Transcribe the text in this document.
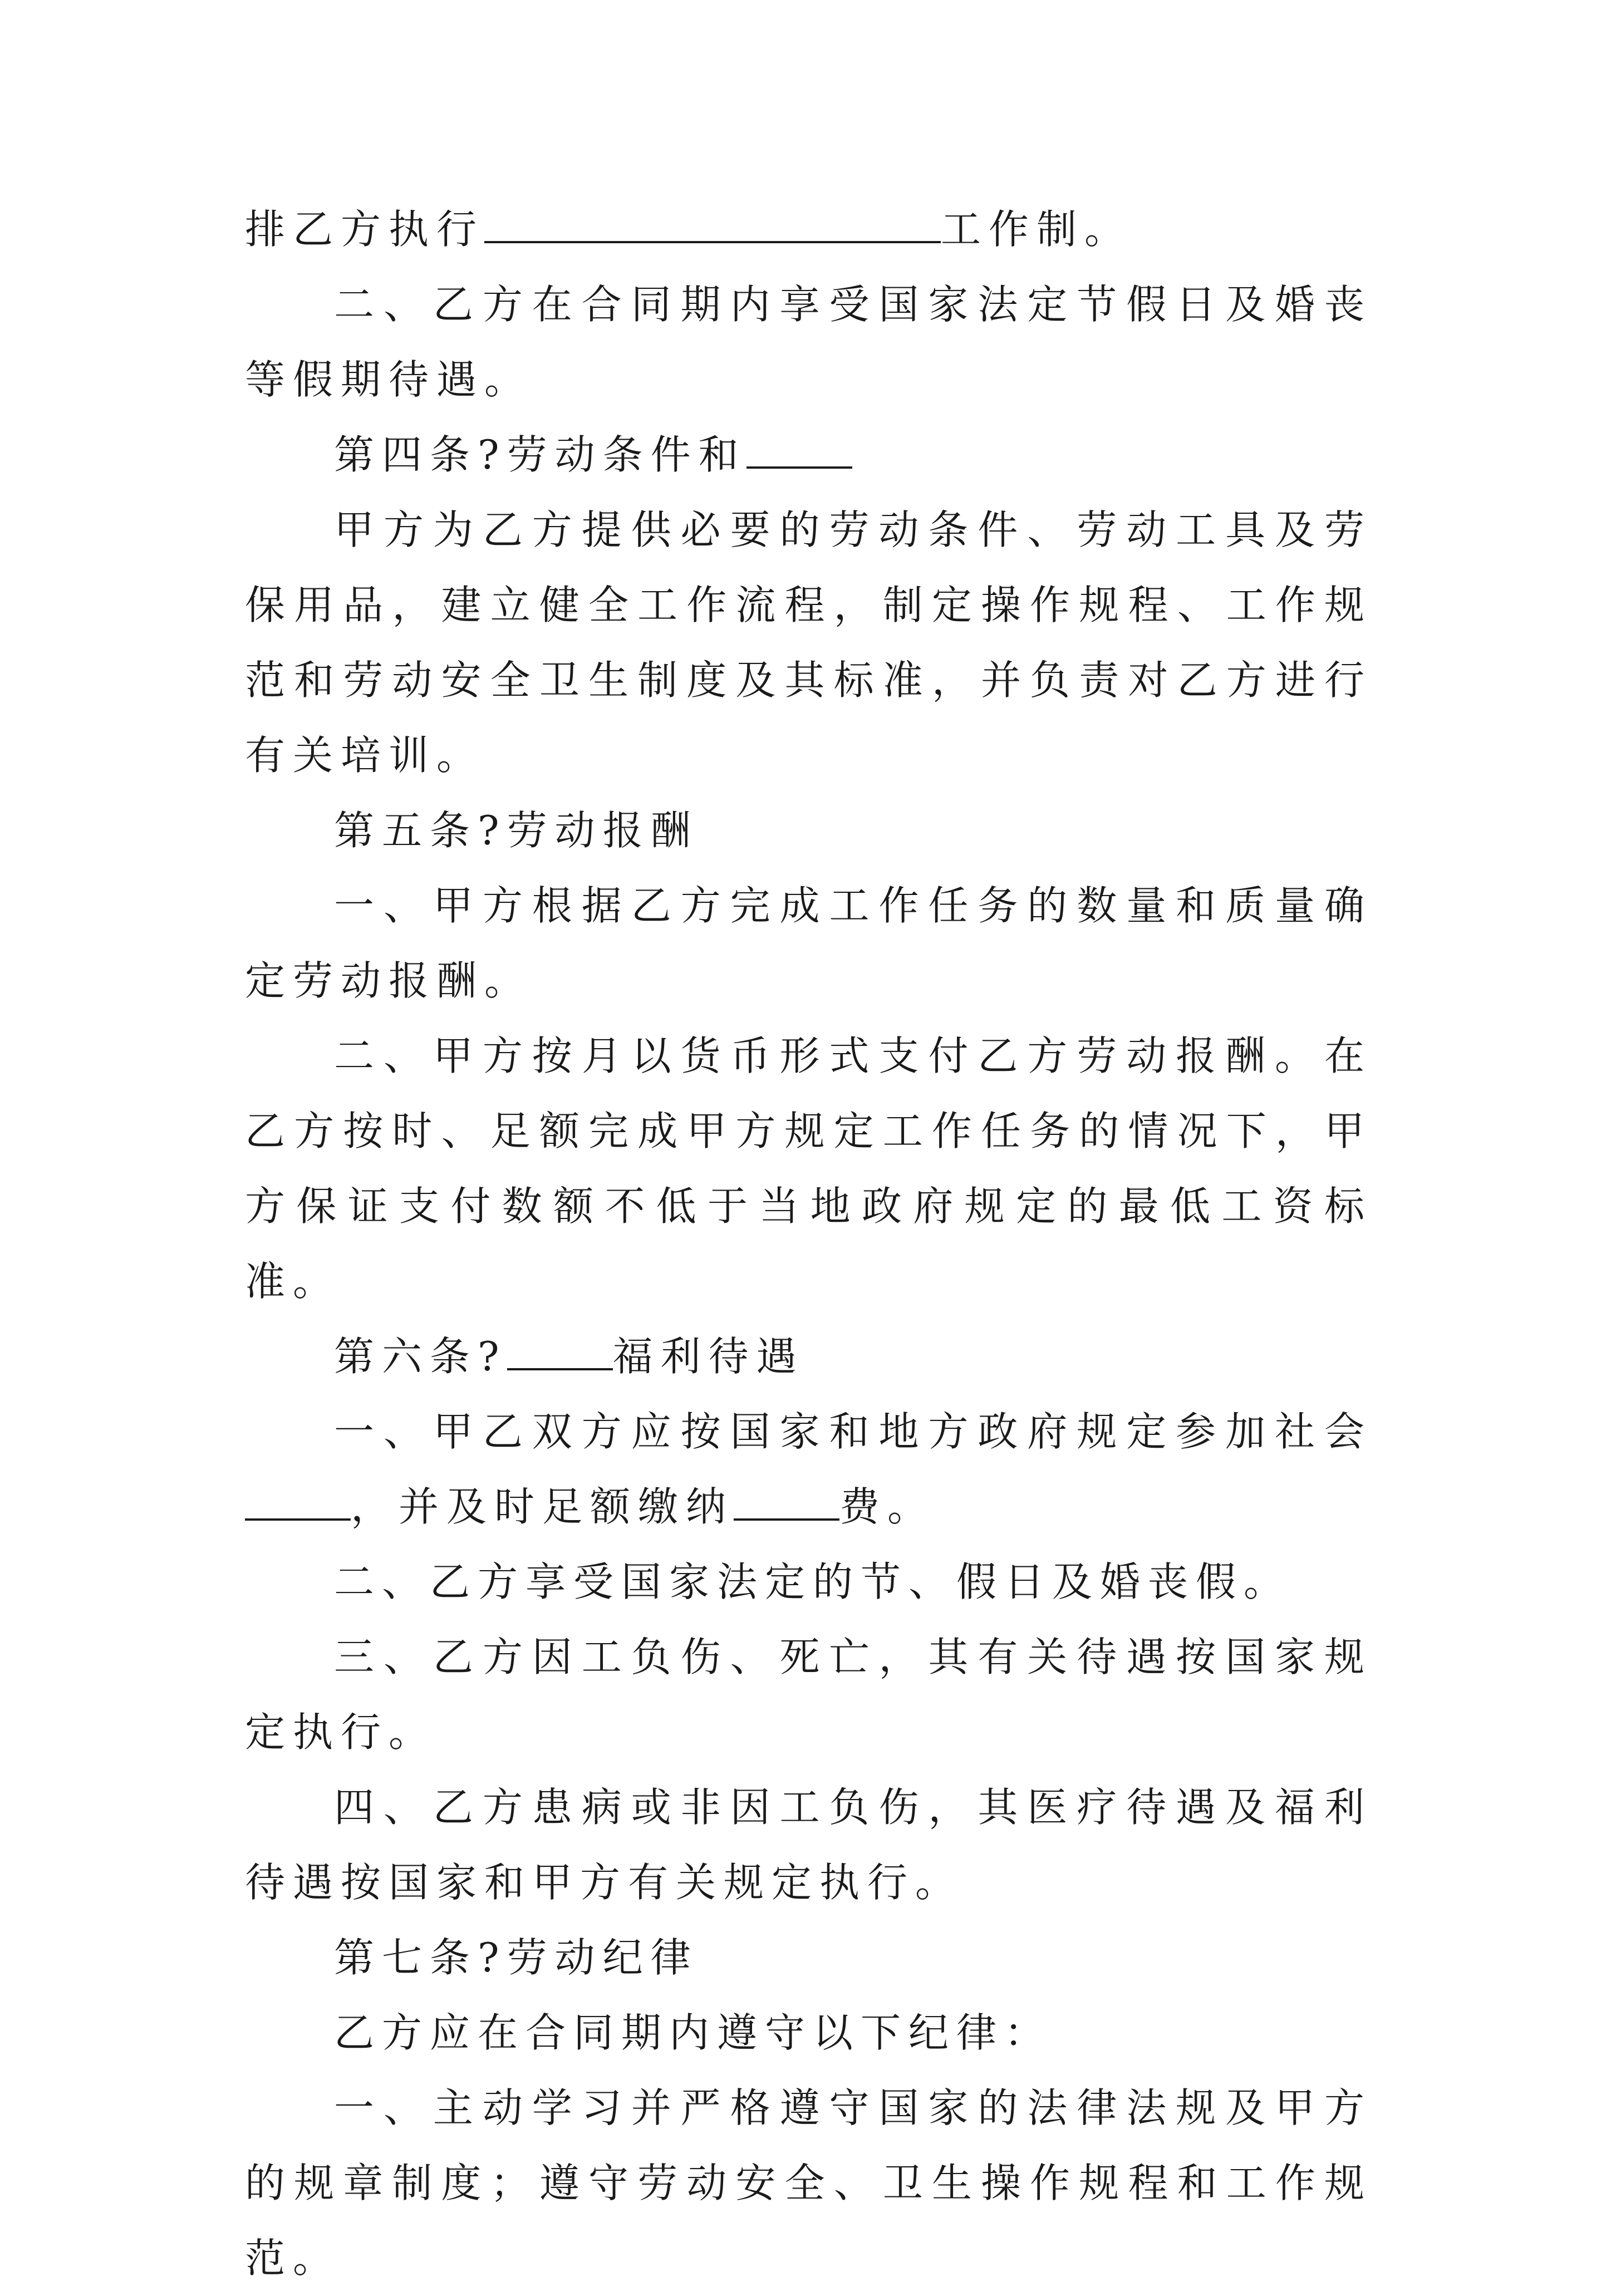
排乙方执行	工作制。

二、乙方在合同期内享受国家法定节假日及婚丧等假期待遇。

第四条?劳动条件和

甲方为乙方提供必要的劳动条件、劳动工具及劳保用品，建立健全工作流程，制定操作规程、工作规范和劳动安全卫生制度及其标准，并负责对乙方进行有关培训。

第五条?劳动报酬

一、甲方根据乙方完成工作任务的数量和质量确定劳动报酬。

二、甲方按月以货币形式支付乙方劳动报酬。在乙方按时、足额完成甲方规定工作任务的情况下，甲方保证支付数额不低于当地政府规定的最低工资标准。

第六条?	福利待遇

一、甲乙双方应按国家和地方政府规定参加社会，并及时足额缴纳	费。

二、乙方享受国家法定的节、假日及婚丧假。

三、乙方因工负伤、死亡，其有关待遇按国家规定执行。

四、乙方患病或非因工负伤，其医疗待遇及福利待遇按国家和甲方有关规定执行。

第七条?劳动纪律

乙方应在合同期内遵守以下纪律：

一、主动学习并严格遵守国家的法律法规及甲方的规章制度；遵守劳动安全、卫生操作规程和工作规范。
